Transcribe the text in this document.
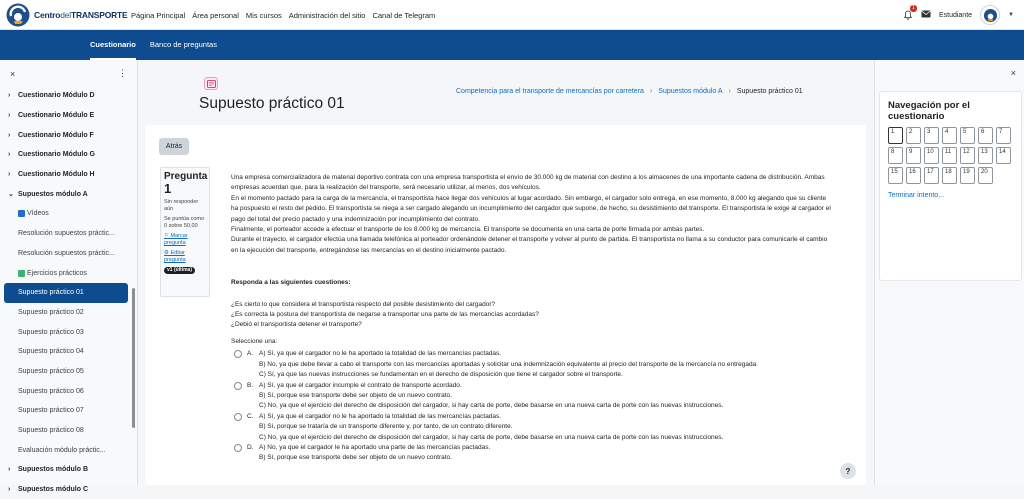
CentrodelTRANSPORTE Página Principal Área personal Mis cursos Administración del sitio Canal de Telegram
1
Estudiante	▼
Cuestionario Banco de preguntas
×	⋮
›	Cuestionario Módulo D
›	Cuestionario Módulo E
›	Cuestionario Módulo F
›	Cuestionario Módulo G
›	Cuestionario Módulo H
⌄ Supuestos módulo A
Vídeos
Resolución supuestos práctic...
Resolución supuestos práctic...
Ejercicios prácticos
Supuesto práctico 01
Supuesto práctico 02
Supuesto práctico 03
Supuesto práctico 04
Supuesto práctico 05
Supuesto práctico 06
Supuesto práctico 07
Supuesto práctico 08
Evaluación módulo práctic...
›	Supuestos módulo B
›	Supuestos módulo C
Supuesto práctico 01
Competencia para el transporte de mercancías por carretera › Supuestos módulo A › Supuesto práctico 01
Atrás
Pregunta
1
Sin responder aún
Se puntúa como 0 sobre 50,00
⚐ Marcar pregunta
⚙ Editar pregunta
v1 (última)

Una empresa comercializadora de material deportivo contrata con una empresa transportista el envío de 30.000 kg de material con destino a los almacenes de una importante cadena de distribución. Ambas empresas acuerdan que, para la realización del transporte, será necesario utilizar, al menos, dos vehículos.

En el momento pactado para la carga de la mercancía, el transportista hace llegar dos vehículos al lugar acordado. Sin embargo, el cargador solo entrega, en ese momento, 8.000 kg alegando que su cliente ha pospuesto el resto del pedido. El transportista se niega a ser cargado alegando un incumplimiento del cargador que supone, de hecho, su desistimiento del transporte. El transportista le exige al cargador el pago del total del precio pactado y una indemnización por incumplimiento del contrato.

Finalmente, el porteador accede a efectuar el transporte de los 8.000 kg de mercancía. El transporte se documenta en una carta de porte firmada por ambas partes.

Durante el trayecto, el cargador efectúa una llamada telefónica al porteador ordenándole detener el transporte y volver al punto de partida. El transportista no llama a su conductor para comunicarle el cambio en la ejecución del transporte, entregándose las mercancías en el destino inicialmente pactado.

Responda a las siguientes cuestiones:

¿Es cierto lo que considera el transportista respecto del posible desistimiento del cargador?

¿Es correcta la postura del transportista de negarse a transportar una parte de las mercancías acordadas?

¿Debió el transportista detener el transporte?

Seleccione una:

A. A) Sí, ya que el cargador no le ha aportado la totalidad de las mercancías pactadas.
B) No, ya que debe llevar a cabo el transporte con las mercancías aportadas y solicitar una indemnización equivalente al precio del transporte de la mercancía no entregada.
C) Sí, ya que las nuevas instrucciones se fundamentan en el derecho de disposición que tiene el cargador sobre el transporte.
B. A) Sí, ya que el cargador incumple el contrato de transporte acordado.
B) Sí, porque ese transporte debe ser objeto de un nuevo contrato.
C) No, ya que el ejercicio del derecho de disposición del cargador, si hay carta de porte, debe basarse en una nueva carta de porte con las nuevas instrucciones.
C. A) Sí, ya que el cargador no le ha aportado la totalidad de las mercancías pactadas.
B) Sí, porque se trataría de un transporte diferente y, por tanto, de un contrato diferente.
C) No, ya que el ejercicio del derecho de disposición del cargador, si hay carta de porte, debe basarse en una nueva carta de porte con las nuevas instrucciones.
D. A) No, ya que el cargador le ha aportado una parte de las mercancías pactadas.
B) Sí, porque ese transporte debe ser objeto de un nuevo contrato.
?
×
Navegación por el cuestionario
1	2	3	4	5	6	7
8	9	10	11	12	13	14
15	16	17	18	19	20
Terminar intento...
